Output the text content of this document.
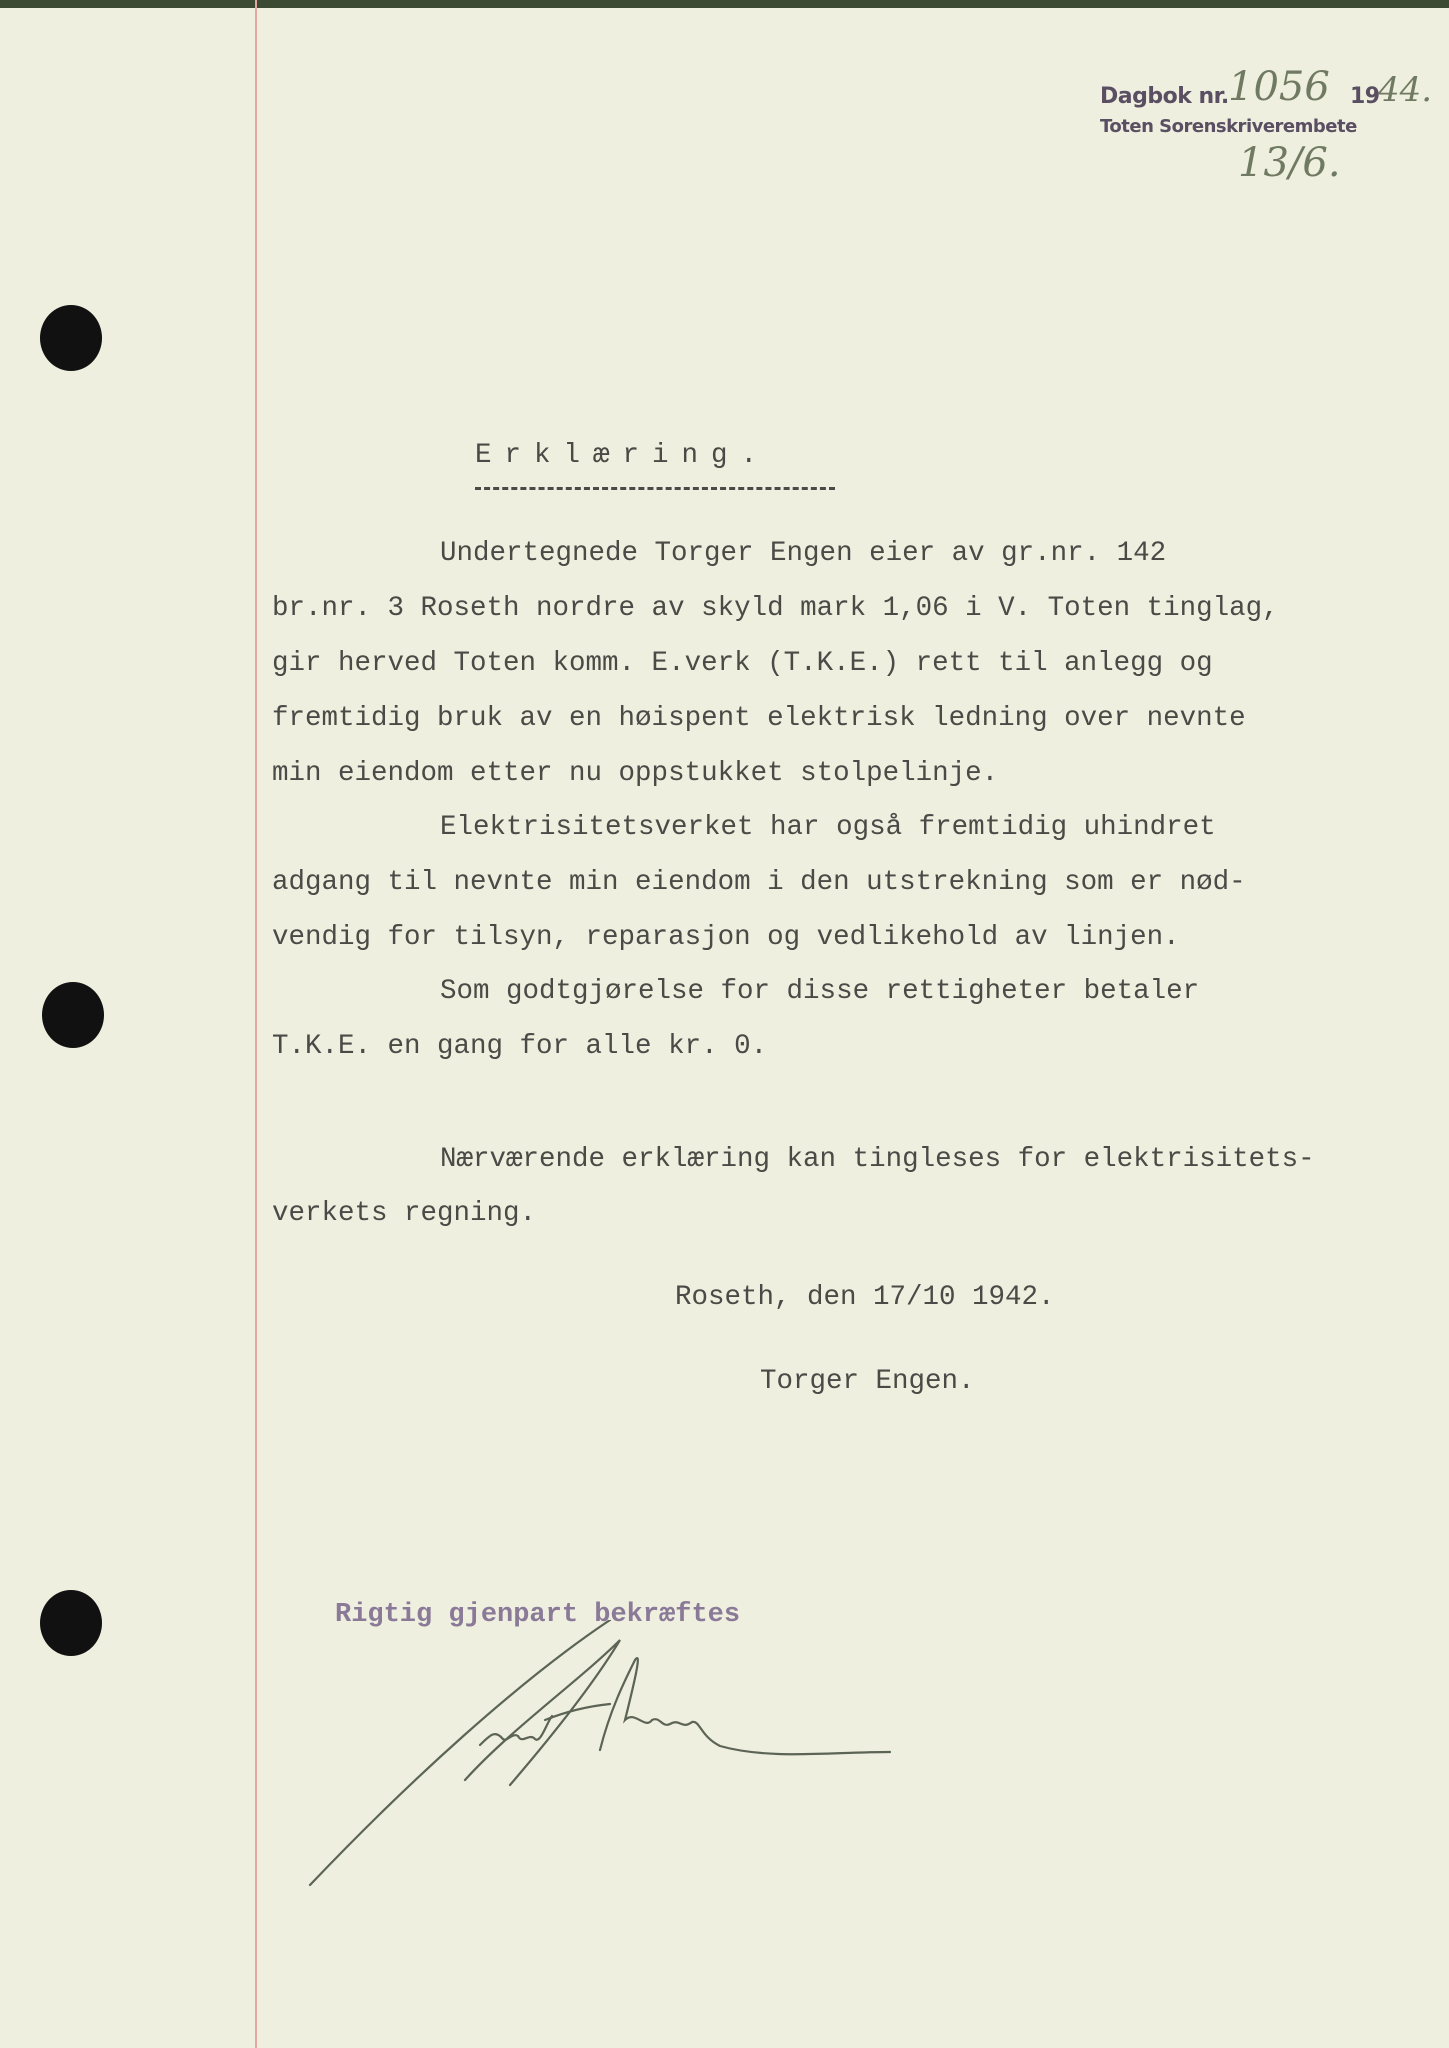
Dagbok nr. 1056 19
44.
Toten Sorenskriverembete
13/6.
Erklæring.
Undertegnede Torger Engen eier av gr.nr. 142
br.nr. 3 Roseth nordre av skyld mark 1,06 i V. Toten tinglag,
gir herved Toten komm. E.verk (T.K.E.) rett til anlegg og
fremtidig bruk av en høispent elektrisk ledning over nevnte
min eiendom etter nu oppstukket stolpelinje.
Elektrisitetsverket har også fremtidig uhindret
adgang til nevnte min eiendom i den utstrekning som er nød-
vendig for tilsyn, reparasjon og vedlikehold av linjen.
Som godtgjørelse for disse rettigheter betaler
T.K.E. en gang for alle kr. 0.
Nærværende erklæring kan tingleses for elektrisitets-
verkets regning.
Roseth, den 17/10 1942.
Torger Engen.
Rigtig gjenpart bekræftes
